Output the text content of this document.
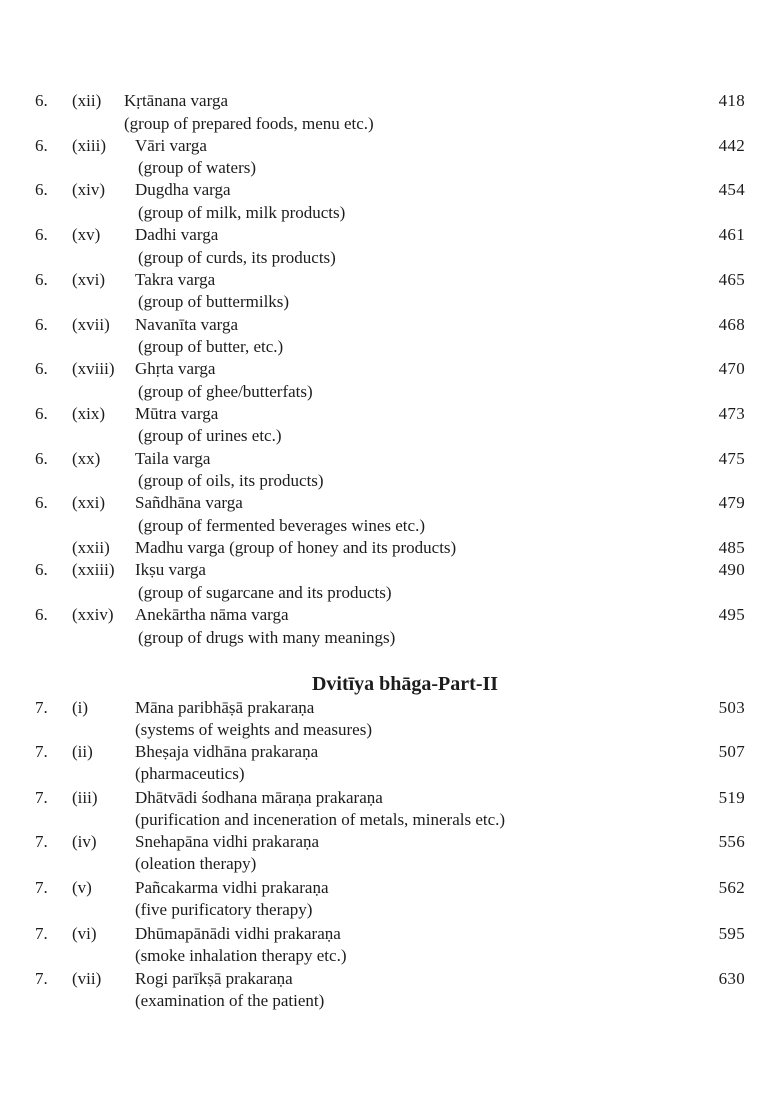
6. (xii) Kṛtānana varga	418
(group of prepared foods, menu etc.)
6. (xiii) Vāri varga	442
(group of waters)
6. (xiv) Dugdha varga	454
(group of milk, milk products)
6. (xv) Dadhi varga	461
(group of curds, its products)
6. (xvi) Takra varga	465
(group of buttermilks)
6. (xvii) Navanīta varga	468
(group of butter, etc.)
6. (xviii) Ghṛta varga	470
(group of ghee/butterfats)
6. (xix) Mūtra varga	473
(group of urines etc.)
6. (xx) Taila varga	475
(group of oils, its products)
6. (xxi) Sañdhāna varga	479
(group of fermented beverages wines etc.)
(xxii) Madhu varga (group of honey and its products)	485
6. (xxiii) Ikṣu varga	490
(group of sugarcane and its products)
6. (xxiv) Anekārtha nāma varga	495
(group of drugs with many meanings)
Dvitīya bhāga-Part-II
7. (i)	Māna paribhāṣā prakaraṇa	503
(systems of weights and measures)
7. (ii) Bheṣaja vidhāna prakaraṇa	507
(pharmaceutics)
7. (iii) Dhātvādi śodhana māraṇa prakaraṇa	519
(purification and inceneration of metals, minerals etc.)
7. (iv) Snehapāna vidhi prakaraṇa	556
(oleation therapy)
7. (v)	Pañcakarma vidhi prakaraṇa	562
(five purificatory therapy)
7. (vi) Dhūmapānādi vidhi prakaraṇa	595
(smoke inhalation therapy etc.)
7. (vii) Rogi parīkṣā prakaraṇa	630
(examination of the patient)
